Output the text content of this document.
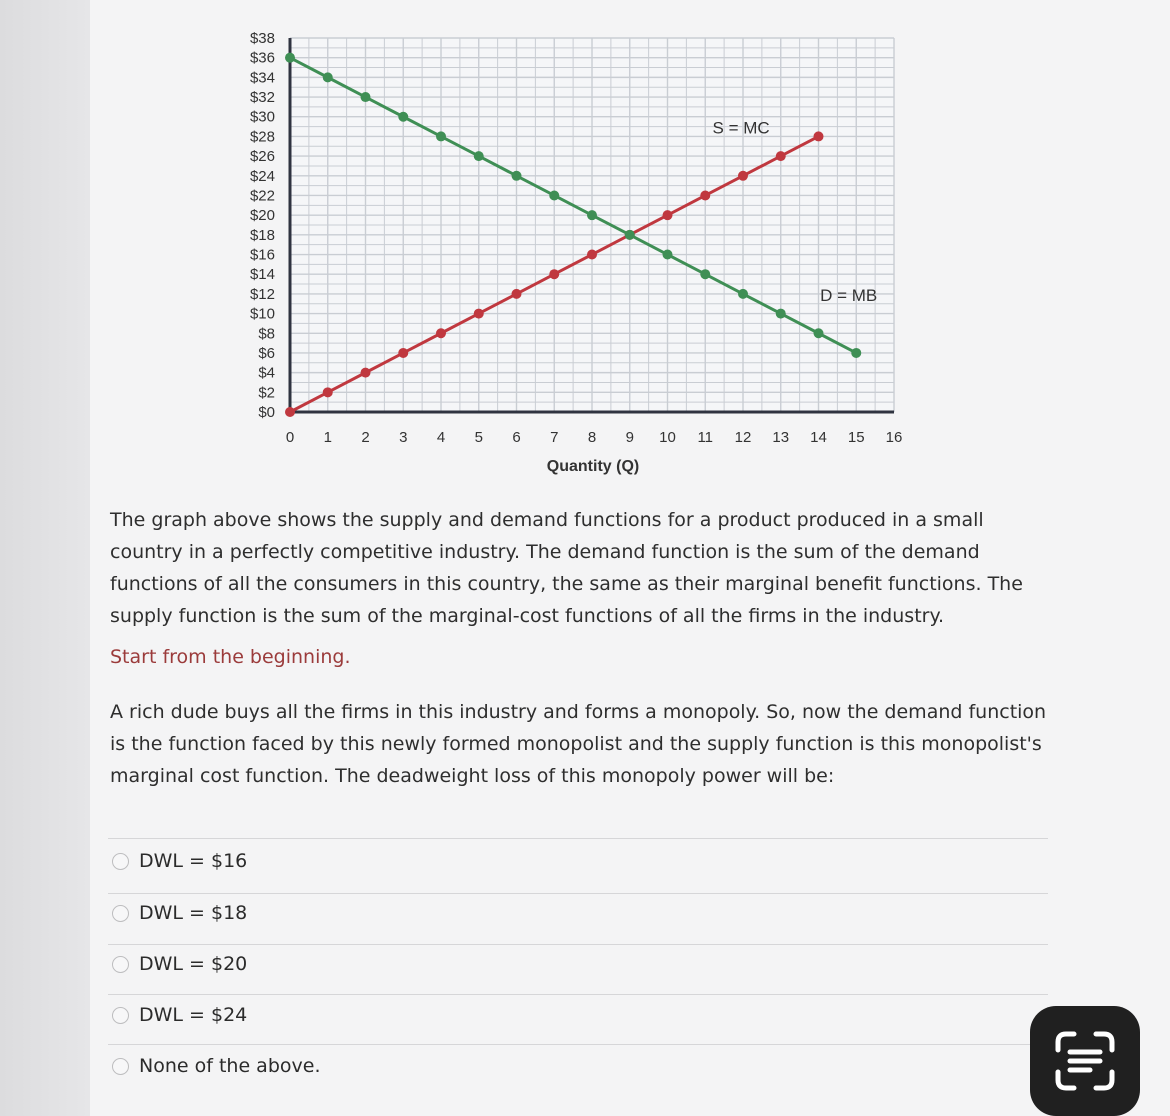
$38
$36
$34
$32
$30
$28
$26
$24
$22
$20
$18
$16
$14
$12
$10
$8
$6
$4
$2
$0
0 1 2 3 4 5 6 7 8 9 10 11 12 13 14 15 16
S = MC
D = MB
Quantity (Q)
The graph above shows the supply and demand functions for a product produced in a small country in a perfectly competitive industry. The demand function is the sum of the demand functions of all the consumers in this country, the same as their marginal benefit functions. The supply function is the sum of the marginal-cost functions of all the firms in the industry.
Start from the beginning.
A rich dude buys all the firms in this industry and forms a monopoly. So, now the demand function is the function faced by this newly formed monopolist and the supply function is this monopolist's marginal cost function. The deadweight loss of this monopoly power will be:
DWL = $16
DWL = $18
DWL = $20
DWL = $24
None of the above.
